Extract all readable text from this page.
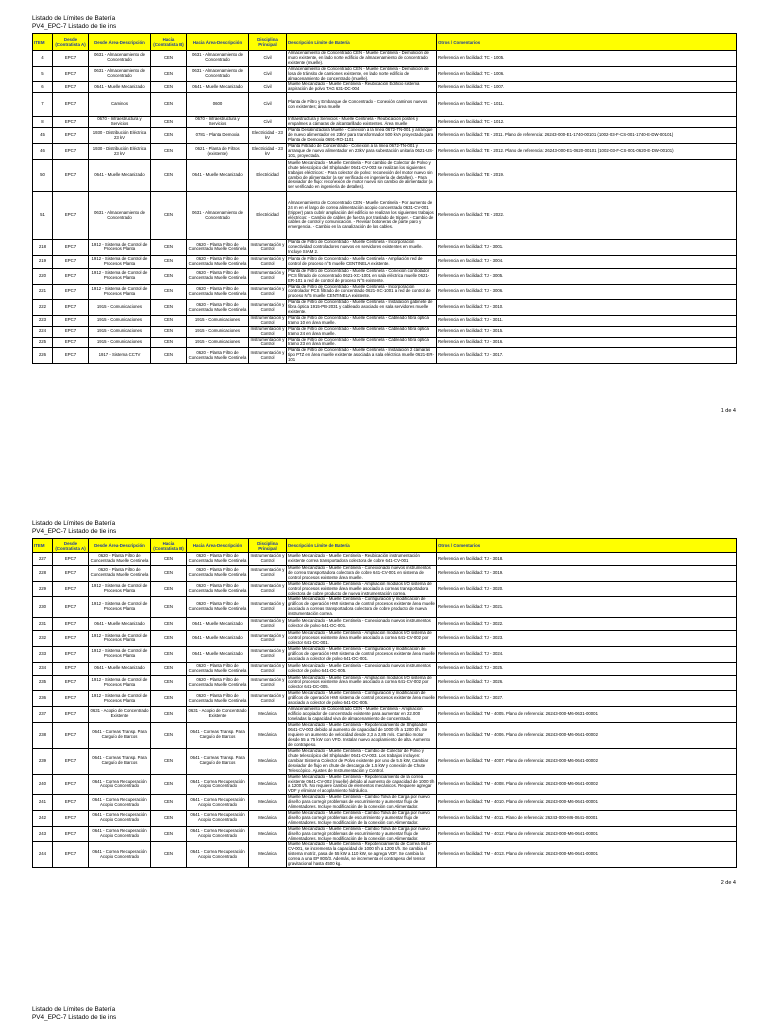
Listado de Límites de Batería
PV4_EPC-7 Listado de tie ins
ITEM	Desde (Contratista A)	Desde Área-Descripción	Hacia (Contratista B)	Hacia Área-Descripción	Disciplina Principal	Descripción Límite de Batería	Otros / Comentarios
4	EPC7	0631 - Almacenamiento de Concentrado	CEN	0631 - Almacenamiento de Concentrado	Civil	Almacenamiento de Concentrado CEN - Muelle Centinela - Demolición de muro existente, en lado norte edificio de almacenamiento de concentrado existente (muelle).	Referencia en facilidad: TC - 1005.
5	EPC7	0631 - Almacenamiento de Concentrado	CEN	0631 - Almacenamiento de Concentrado	Civil	Almacenamiento de Concentrado CEN - Muelle Centinela - Demolición de losa de tránsito de camiones existente, en lado norte edificio de almacenamiento de concentrado (muelle).	Referencia en facilidad: TC - 1006.
6	EPC7	0641 - Muelle Mecanizado	CEN	0641 - Muelle Mecanizado	Civil	Muelle Mecanizado - Muelle Centinela - Reubicación Edificio sistema aspiración de polvo TAG 631-DC-004	Referencia en facilidad: TC - 1007.
7	EPC7	Caminos	CEN	0600	Civil	Planta de Filtro y Embarque de Concentrado - Conexión caminos nuevos con existentes; área muelle	Referencia en facilidad: TC - 1011.
8	EPC7	0670 - Infraestructura y Servicios	CEN	0670 - Infraestructura y Servicios	Civil	Infraestructura y Servicios - Muelle Centinela - Reubicación postes y empalmes a cámaras de alcantarillado existentes. Área muelle	Referencia en facilidad: TC - 1012.
45	EPC7	1930 - Distribución Eléctrica 23 kV	CEN	0781 - Planta Demoxia	Electricidad - 23 kV	Planta Desalinizadora Muelle - Conexión a la línea 0672-TN-001 y arranque de nuevo alimentador en 23kV para transformador 500 kVA proyectado para Planta de Demoxia 0691-RO-1101	Referencia en facilidad: TE - 2011. Plano de referencia: 26243-000-E1-1740-00101 (1002-03-F-CS-001-1740-E-DW-00101)
46	EPC7	1930 - Distribución Eléctrica 23 kV	CEN	0621 - Planta de Filtros (existente)	Electricidad - 23 kV	Planta Filtrado de Concentrado - Conexión a la línea 0672-TN-001 y arranque de nuevo alimentador en 23kV para subestación unitaria 0621-US-101, proyectada.	Referencia en facilidad: TE - 2012. Plano de referencia: 26243-000-E1-0620-00101 (1002-03-F-CS-001-0620-E-DW-00101)
50	EPC7	0641 - Muelle Mecanizado	CEN	0641 - Muelle Mecanizado	Electricidad	Muelle Mecanizado - Muelle Centinela - Por cambio de Colector de Polvo y chute telescópico del Shiploader 0641-CV-003 se realizan los siguientes trabajos eléctricos: - Para colector de polvo: reconexión del motor nuevo sin cambio de alimentador (a ser verificado en ingeniería de detalles). - Para desviador de flujo: reconexión de motor nuevo sin cambio de alimentador (a ser verificado en ingeniería de detalles).	Referencia en facilidad: TE - 2019.
51	EPC7	0631 - Almacenamiento de Concentrado	CEN	0631 - Almacenamiento de Concentrado	Electricidad	Almacenamiento de Concentrado CEN - Muelle Centinela - Por aumento de 24 m en el largo de correa alimentación acopio concentrado 0631-CV-001 (tripper) para cubrir ampliación del edificio se realizan los siguientes trabajos eléctricos: - Cambio de cables de fuerza por traslado de tripper. - Cambio de cables de control y comunicación. - Revisar botoneras de parte paro y emergencia. - Cambio en la canalización de los cables.	Referencia en facilidad: TE - 2022.
218	EPC7	1912 - Sistema de Control de Procesos Planta	CEN	0620 - Planta Filtro de Concentrado Muelle Centinela	Instrumentación y Control	Planta de Filtro de Concentrado - Muelle Centinela - Incorporación conectividad controladores nuevos en servidores existentes en muelle. Incluye SIAM 2.	Referencia en facilidad: TJ - 3001.
219	EPC7	1912 - Sistema de Control de Procesos Planta	CEN	0620 - Planta Filtro de Concentrado Muelle Centinela	Instrumentación y Control	Planta de Filtro de Concentrado - Muelle Centinela - Ampliación red de control de proceso n°5 muelle CENTINELA existente.	Referencia en facilidad: TJ - 3004.
220	EPC7	1912 - Sistema de Control de Procesos Planta	CEN	0620 - Planta Filtro de Concentrado Muelle Centinela	Instrumentación y Control	Planta de Filtro de Concentrado - Muelle Centinela - Conexión controlador PCS filtrado de concentrado 0621-XC-1001 en sala eléctrica muelle 0621-ER-101 a red de control de proceso N°5 existente.	Referencia en facilidad: TJ - 3005.
221	EPC7	1912 - Sistema de Control de Procesos Planta	CEN	0620 - Planta Filtro de Concentrado Muelle Centinela	Instrumentación y Control	Planta de Filtro de Concentrado - Muelle Centinela - Incorporación controlador PCS filtrado de concentrado 0621-XC-1001 a red de control de proceso N°5 muelle CENTINELA existente.	Referencia en facilidad: TJ - 3006.
222	EPC7	1915 - Comunicaciones	CEN	0620 - Planta Filtro de Concentrado Muelle Centinela	Instrumentación y Control	Planta de Filtro de Concentrado - Muelle Centinela - Instalación gabinete de fibra óptica 1915-PB-2031 y cableado asociado en sala servidores muelle existente.	Referencia en facilidad: TJ - 3010.
223	EPC7	1915 - Comunicaciones	CEN	1915 - Comunicaciones	Instrumentación y Control	Planta de Filtro de Concentrado - Muelle Centinela - Cableado fibra óptica tramo 10 en área muelle.	Referencia en facilidad: TJ - 3011.
224	EPC7	1915 - Comunicaciones	CEN	1915 - Comunicaciones	Instrumentación y Control	Planta de Filtro de Concentrado - Muelle Centinela - Cableado fibra óptica tramo 24 en área muelle.	Referencia en facilidad: TJ - 3015.
225	EPC7	1915 - Comunicaciones	CEN	1915 - Comunicaciones	Instrumentación y Control	Planta de Filtro de Concentrado - Muelle Centinela - Cableado fibra óptica tramo 23 en área muelle.	Referencia en facilidad: TJ - 3016.
226	EPC7	1917 - Sistema CCTV	CEN	0620 - Planta Filtro de Concentrado Muelle Centinela	Instrumentación y Control	Planta de Filtro de Concentrado - Muelle Centinela - Instalación 2 cámaras tipo PTZ en área muelle existente asociada a sala eléctrica muelle 0621-ER-101	Referencia en facilidad: TJ - 3017.
1 de 4
Listado de Límites de Batería
PV4_EPC-7 Listado de tie ins
ITEM	Desde (Contratista A)	Desde Área-Descripción	Hacia (Contratista B)	Hacia Área-Descripción	Disciplina Principal	Descripción Límite de Batería	Otros / Comentarios
227	EPC7	0620 - Planta Filtro de Concentrado Muelle Centinela	CEN	0620 - Planta Filtro de Concentrado Muelle Centinela	Instrumentación y Control	Muelle Mecanizado - Muelle Centinela - Reubicación instrumentación existente correa transportadora colectora de cobre 641-CV-001	Referencia en facilidad: TJ - 3018.
228	EPC7	0620 - Planta Filtro de Concentrado Muelle Centinela	CEN	0620 - Planta Filtro de Concentrado Muelle Centinela	Instrumentación y Control	Muelle Mecanizado - Muelle Centinela - Conexionado nuevos instrumentos de correa transportadora colectora de cobre 641-CV-001 en sistema de control procesos existente área muelle.	Referencia en facilidad: TJ - 3019.
229	EPC7	1912 - Sistema de Control de Procesos Planta	CEN	0620 - Planta Filtro de Concentrado Muelle Centinela	Instrumentación y Control	Muelle Mecanizado - Muelle Centinela - Ampliación módulos I/O sistema de control procesos existente área muelle asociado a correas transportadora colectora de cobre producto de nueva instrumentación correa.	Referencia en facilidad: TJ - 3020.
230	EPC7	1912 - Sistema de Control de Procesos Planta	CEN	0620 - Planta Filtro de Concentrado Muelle Centinela	Instrumentación y Control	Muelle Mecanizado - Muelle Centinela - Configuración y modificación de gráficos de operación HMI sistema de control procesos existente área muelle asociado a correas transportadora colectora de cobre producto de nueva instrumentación correa.	Referencia en facilidad: TJ - 3021.
231	EPC7	0641 - Muelle Mecanizado	CEN	0641 - Muelle Mecanizado	Instrumentación y Control	Muelle Mecanizado - Muelle Centinela - Conexionado nuevos instrumentos colector de polvo 641-DC-001.	Referencia en facilidad: TJ - 3022.
232	EPC7	1912 - Sistema de Control de Procesos Planta	CEN	0641 - Muelle Mecanizado	Instrumentación y Control	Muelle Mecanizado - Muelle Centinela - Ampliación módulos I/O sistema de control procesos existente área muelle asociado a correa 641-CV-002 por colector 641-DC-001.	Referencia en facilidad: TJ - 3023.
233	EPC7	1912 - Sistema de Control de Procesos Planta	CEN	0641 - Muelle Mecanizado	Instrumentación y Control	Muelle Mecanizado - Muelle Centinela - Configuración y modificación de gráficos de operación HMI sistema de control procesos existente área muelle asociado a colector de polvo 641-DC-001.	Referencia en facilidad: TJ - 3024.
234	EPC7	0641 - Muelle Mecanizado	CEN	0620 - Planta Filtro de Concentrado Muelle Centinela	Instrumentación y Control	Muelle Mecanizado - Muelle Centinela - Conexionado nuevos instrumentos colector de polvo 641-DC-005.	Referencia en facilidad: TJ - 3025.
235	EPC7	1912 - Sistema de Control de Procesos Planta	CEN	0620 - Planta Filtro de Concentrado Muelle Centinela	Instrumentación y Control	Muelle Mecanizado - Muelle Centinela - Ampliación módulos I/O sistema de control procesos existente área muelle asociado a correa 641-CV-002 por colector 641-DC-005.	Referencia en facilidad: TJ - 3026.
236	EPC7	1912 - Sistema de Control de Procesos Planta	CEN	0620 - Planta Filtro de Concentrado Muelle Centinela	Instrumentación y Control	Muelle Mecanizado - Muelle Centinela - Configuración y modificación de gráficos de operación HMI sistema de control procesos existente área muelle asociado a colector de polvo 641-DC-005.	Referencia en facilidad: TJ - 3027.
237	EPC7	0631 - Acopio de Concentrado Existente	CEN	0631 - Acopio de Concentrado Existente	Mecánica	Almacenamiento de Concentrado CEN - Muelle Centinela - Ampliación edificio acopiador de concentrado existente para aumentar en 22.000 toneladas la capacidad viva de almacenamiento de concentrado.	Referencia en facilidad: TM - 4005. Plano de referencia: 26243-000-M6-0631-00001
238	EPC7	0641 - Correas Transp. Para Carguío de Barcos	CEN	0641 - Correas Transp. Para Carguío de Barcos	Mecánica	Muelle Mecanizado - Muelle Centinela - Repotenciamiento de Shiploader 0641-CV-003 debido al aumento de capacidad de 1000 t/h a 1200 t/h. Se requiere un aumento de velocidad desde 2,3 a 2,85 m/s. Cambio motor desde 55 a 75 kW con VFD. Instalar nuevo acoplamiento de alta. Aumento de contrapeso.	Referencia en facilidad: TM - 4006. Plano de referencia: 26243-000-M6-0641-00002
239	EPC7	0641 - Correas Transp. Para Carguío de Barcos	CEN	0641 - Correas Transp. Para Carguío de Barcos	Mecánica	Muelle Mecanizado - Muelle Centinela - Cambio de Colector de Polvo y chute telescópico del Shiploader 0641-CV-003. Los trabajos incluyen: cambiar Sistema Colector de Polvo existente por uno de 5.5 kW, Cambiar desviador de flujo en chute de descarga de 1.5 kW y conexión de Chute Telescópico. Ajustes de Instrumentación y Control.	Referencia en facilidad: TM - 4007. Plano de referencia: 26243-000-M6-0641-00002
240	EPC7	0641 - Correa Recuperación Acopio Concentrado	CEN	0641 - Correa Recuperación Acopio Concentrado	Mecánica	Muelle Mecanizado - Muelle Centinela - Repotenciamiento de la correa existente 0641-CV-002 (muelle) debido al aumento de capacidad de 1000 t/h a 1200 t/h. No requiere cambio de elementos mecánicos. Requiere agregar VDF y eliminar el acoplamiento hidráulico.	Referencia en facilidad: TM - 4008. Plano de referencia: 26243-000-M6-0641-00002
241	EPC7	0641 - Correa Recuperación Acopio Concentrado	CEN	0641 - Correa Recuperación Acopio Concentrado	Mecánica	Muelle Mecanizado - Muelle Centinela - Cambio Tolva de Carga por nuevo diseño para corregir problemas de escurrimiento y aumentar flujo de Alimentadores. Incluye modificación de la conexión con Alimentador.	Referencia en facilidad: TM - 4010. Plano de referencia: 26243-000-M6-0641-00001
242	EPC7	0641 - Correa Recuperación Acopio Concentrado	CEN	0641 - Correa Recuperación Acopio Concentrado	Mecánica	Muelle Mecanizado - Muelle Centinela - Cambio Tolva de Carga por nuevo diseño para corregir problemas de escurrimiento y aumentar flujo de Alimentadores. Incluye modificación de la conexión con Alimentador.	Referencia en facilidad: TM - 4011. Plano de referencia: 26243-000-M6-0641-00001
243	EPC7	0641 - Correa Recuperación Acopio Concentrado	CEN	0641 - Correa Recuperación Acopio Concentrado	Mecánica	Muelle Mecanizado - Muelle Centinela - Cambio Tolva de Carga por nuevo diseño para corregir problemas de escurrimiento y aumentar flujo de Alimentadores. Incluye modificación de la conexión con Alimentador.	Referencia en facilidad: TM - 4012. Plano de referencia: 26243-000-M6-0641-00001
244	EPC7	0641 - Correa Recuperación Acopio Concentrado	CEN	0641 - Correa Recuperación Acopio Concentrado	Mecánica	Muelle Mecanizado - Muelle Centinela - Repotenciamiento de Correa 0641-CV-001, se incrementa la capacidad de 1000 t/h a 1200 t/h. Se cambia el sistema motriz, pasa de 55 kW a 110 kW, se agrega VDF. Se cambia la correa a una EP 800/3. Además, se incrementa el contrapeso del tensor gravitacional hasta 4500 kg.	Referencia en facilidad: TM - 4013. Plano de referencia: 26243-000-M6-0641-00001
2 de 4
Listado de Límites de Batería
PV4_EPC-7 Listado de tie ins
